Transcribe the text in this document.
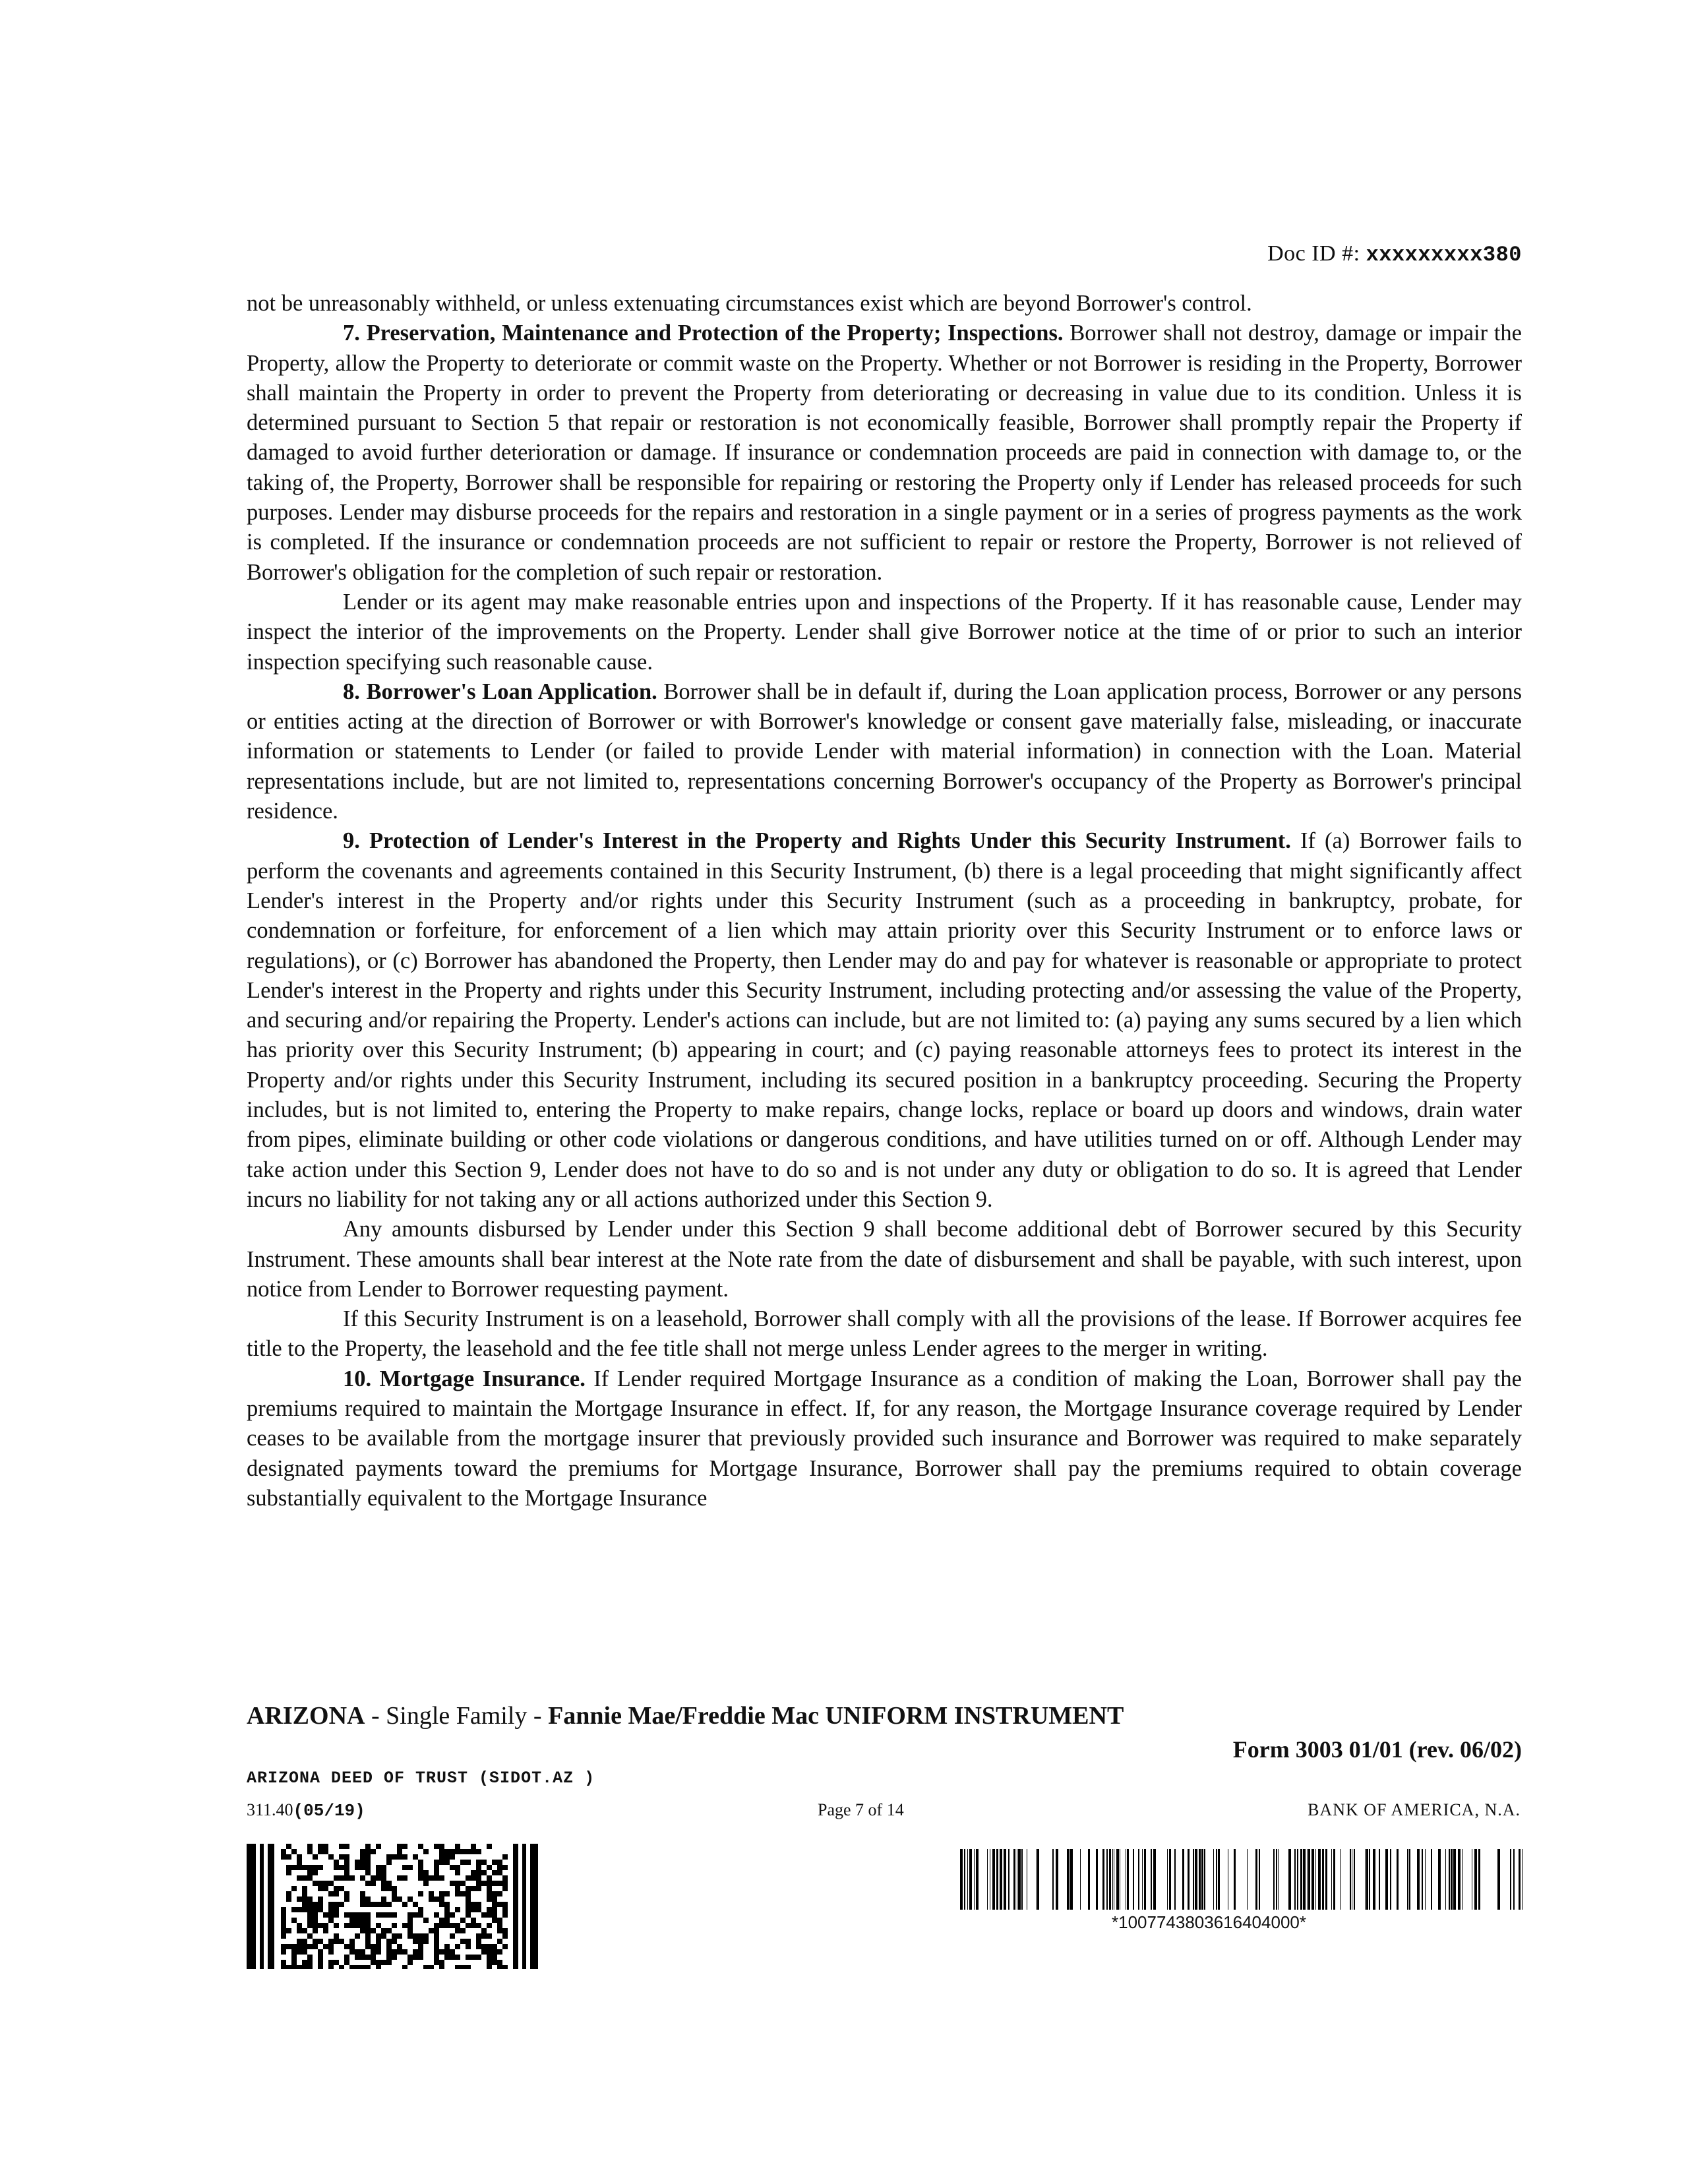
Doc ID #: xxxxxxxxx380

not be unreasonably withheld, or unless extenuating circumstances exist which are beyond Borrower's control.

7. Preservation, Maintenance and Protection of the Property; Inspections. Borrower shall not destroy, damage or impair the Property, allow the Property to deteriorate or commit waste on the Property. Whether or not Borrower is residing in the Property, Borrower shall maintain the Property in order to prevent the Property from deteriorating or decreasing in value due to its condition. Unless it is determined pursuant to Section 5 that repair or restoration is not economically feasible, Borrower shall promptly repair the Property if damaged to avoid further deterioration or damage. If insurance or condemnation proceeds are paid in connection with damage to, or the taking of, the Property, Borrower shall be responsible for repairing or restoring the Property only if Lender has released proceeds for such purposes. Lender may disburse proceeds for the repairs and restoration in a single payment or in a series of progress payments as the work is completed. If the insurance or condemnation proceeds are not sufficient to repair or restore the Property, Borrower is not relieved of Borrower's obligation for the completion of such repair or restoration.

Lender or its agent may make reasonable entries upon and inspections of the Property. If it has reasonable cause, Lender may inspect the interior of the improvements on the Property. Lender shall give Borrower notice at the time of or prior to such an interior inspection specifying such reasonable cause.

8. Borrower's Loan Application. Borrower shall be in default if, during the Loan application process, Borrower or any persons or entities acting at the direction of Borrower or with Borrower's knowledge or consent gave materially false, misleading, or inaccurate information or statements to Lender (or failed to provide Lender with material information) in connection with the Loan. Material representations include, but are not limited to, representations concerning Borrower's occupancy of the Property as Borrower's principal residence.

9. Protection of Lender's Interest in the Property and Rights Under this Security Instrument. If (a) Borrower fails to perform the covenants and agreements contained in this Security Instrument, (b) there is a legal proceeding that might significantly affect Lender's interest in the Property and/or rights under this Security Instrument (such as a proceeding in bankruptcy, probate, for condemnation or forfeiture, for enforcement of a lien which may attain priority over this Security Instrument or to enforce laws or regulations), or (c) Borrower has abandoned the Property, then Lender may do and pay for whatever is reasonable or appropriate to protect Lender's interest in the Property and rights under this Security Instrument, including protecting and/or assessing the value of the Property, and securing and/or repairing the Property. Lender's actions can include, but are not limited to: (a) paying any sums secured by a lien which has priority over this Security Instrument; (b) appearing in court; and (c) paying reasonable attorneys fees to protect its interest in the Property and/or rights under this Security Instrument, including its secured position in a bankruptcy proceeding. Securing the Property includes, but is not limited to, entering the Property to make repairs, change locks, replace or board up doors and windows, drain water from pipes, eliminate building or other code violations or dangerous conditions, and have utilities turned on or off. Although Lender may take action under this Section 9, Lender does not have to do so and is not under any duty or obligation to do so. It is agreed that Lender incurs no liability for not taking any or all actions authorized under this Section 9.

Any amounts disbursed by Lender under this Section 9 shall become additional debt of Borrower secured by this Security Instrument. These amounts shall bear interest at the Note rate from the date of disbursement and shall be payable, with such interest, upon notice from Lender to Borrower requesting payment.

If this Security Instrument is on a leasehold, Borrower shall comply with all the provisions of the lease. If Borrower acquires fee title to the Property, the leasehold and the fee title shall not merge unless Lender agrees to the merger in writing.

10. Mortgage Insurance. If Lender required Mortgage Insurance as a condition of making the Loan, Borrower shall pay the premiums required to maintain the Mortgage Insurance in effect. If, for any reason, the Mortgage Insurance coverage required by Lender ceases to be available from the mortgage insurer that previously provided such insurance and Borrower was required to make separately designated payments toward the premiums for Mortgage Insurance, Borrower shall pay the premiums required to obtain coverage substantially equivalent to the Mortgage Insurance

ARIZONA - Single Family - Fannie Mae/Freddie Mac UNIFORM INSTRUMENT
Form 3003 01/01 (rev. 06/02)
ARIZONA DEED OF TRUST (SIDOT.AZ )
311.40(05/19)	Page 7 of 14	BANK OF AMERICA, N.A.
*1007743803616404000*
